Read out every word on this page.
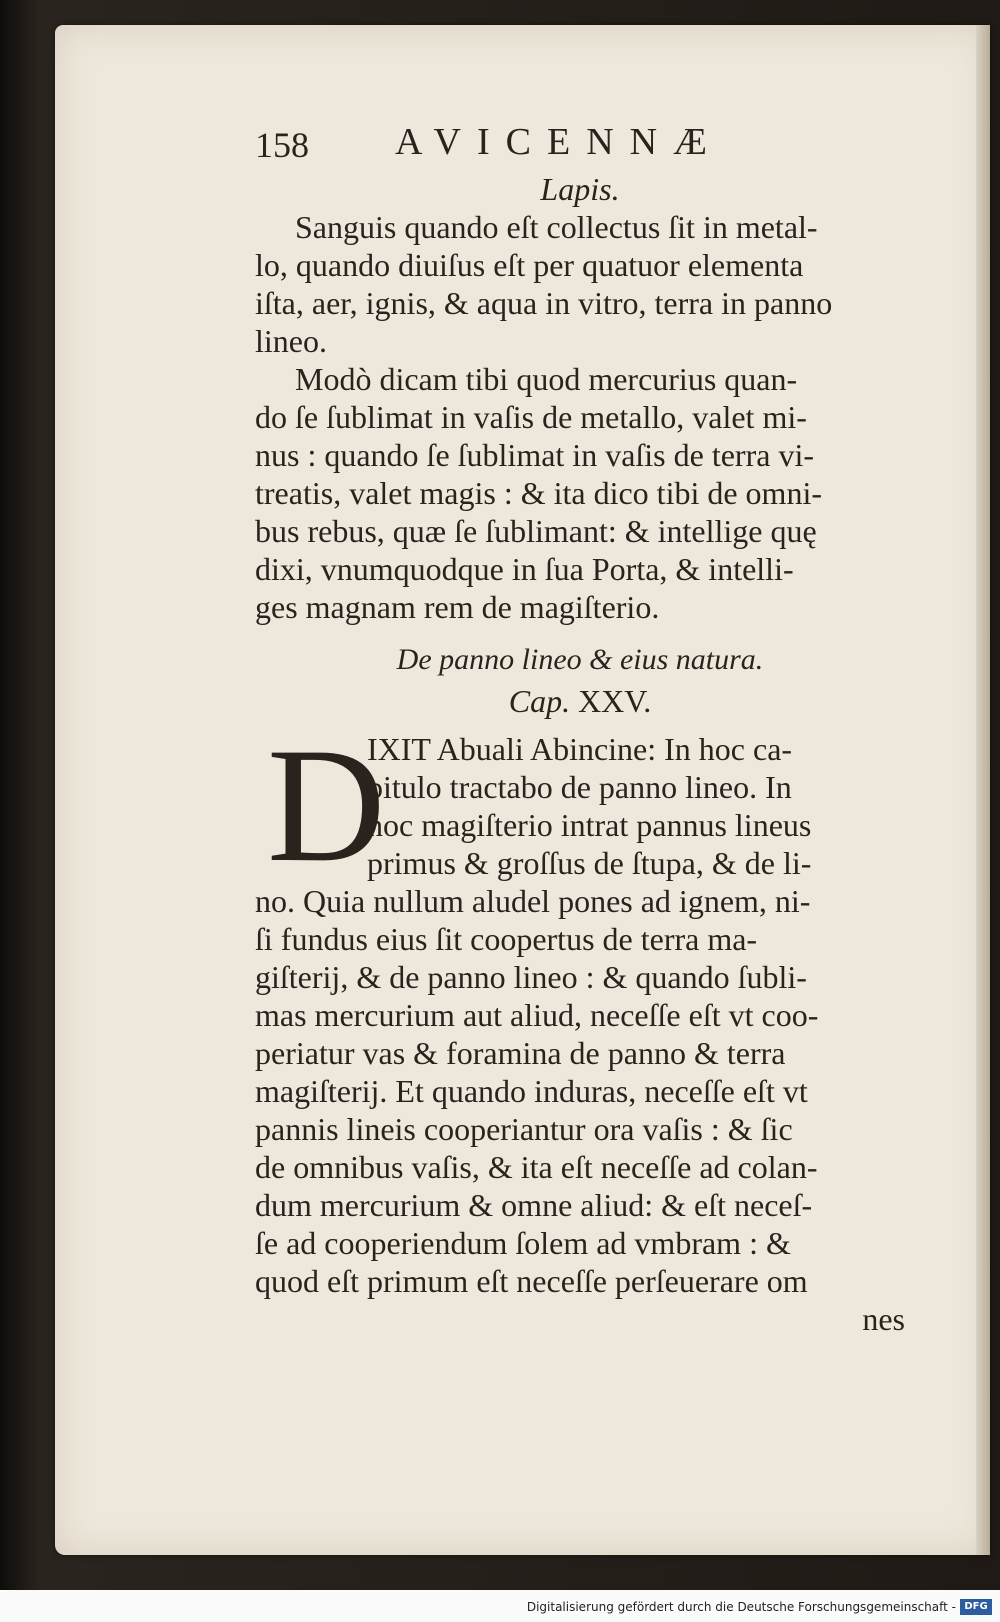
158 AVICENNÆ
Lapis.
Sanguis quando eſt collectus ſit in metal-
lo, quando diuiſus eſt per quatuor elementa
iſta, aer, ignis, & aqua in vitro, terra in panno
lineo.
Modò dicam tibi quod mercurius quan-
do ſe ſublimat in vaſis de metallo, valet mi-
nus : quando ſe ſublimat in vaſis de terra vi-
treatis, valet magis : & ita dico tibi de omni-
bus rebus, quæ ſe ſublimant: & intellige quę
dixi, vnumquodque in ſua Porta, & intelli-
ges magnam rem de magiſterio.
De panno lineo & eius natura.
Cap. XXV.
D
IXIT Abuali Abincine: In hoc ca-
pitulo tractabo de panno lineo. In
hoc magiſterio intrat pannus lineus
primus & groſſus de ſtupa, & de li-
no. Quia nullum aludel pones ad ignem, ni-
ſi fundus eius ſit coopertus de terra ma-
giſterij, & de panno lineo : & quando ſubli-
mas mercurium aut aliud, neceſſe eſt vt coo-
periatur vas & foramina de panno & terra
magiſterij. Et quando induras, neceſſe eſt vt
pannis lineis cooperiantur ora vaſis : & ſic
de omnibus vaſis, & ita eſt neceſſe ad colan-
dum mercurium & omne aliud: & eſt neceſ-
ſe ad cooperiendum ſolem ad vmbram : &
quod eſt primum eſt neceſſe perſeuerare om
nes
Digitalisierung gefördert durch die Deutsche Forschungsgemeinschaft - DFG
